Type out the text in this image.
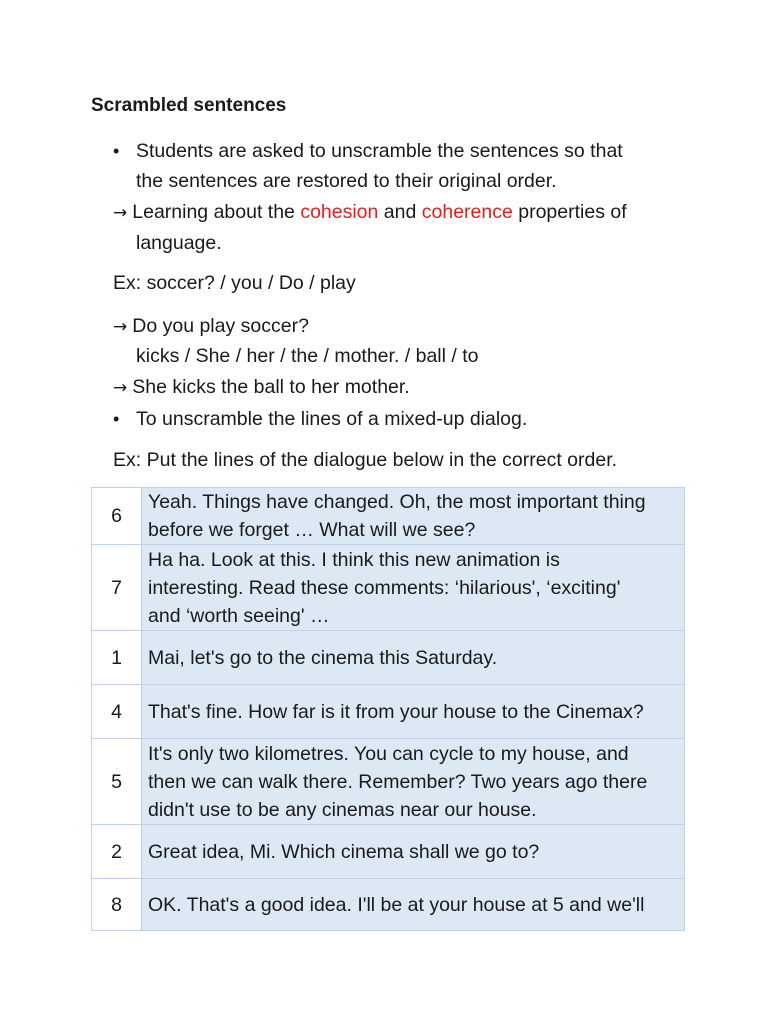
Scrambled sentences
• Students are asked to unscramble the sentences so that
the sentences are restored to their original order.
→ Learning about the cohesion and coherence properties of
language.
Ex: soccer? / you / Do / play
→ Do you play soccer?
kicks / She / her / the / mother. / ball / to
→ She kicks the ball to her mother.
• To unscramble the lines of a mixed-up dialog.
Ex: Put the lines of the dialogue below in the correct order.
6	Yeah. Things have changed. Oh, the most important thing
before we forget … What will we see?

7	Ha ha. Look at this. I think this new animation is
interesting. Read these comments: ‘hilarious', ‘exciting'
and ‘worth seeing' …

1	Mai, let's go to the cinema this Saturday.

4	That's fine. How far is it from your house to the Cinemax?

5	It's only two kilometres. You can cycle to my house, and
then we can walk there. Remember? Two years ago there
didn't use to be any cinemas near our house.

2	Great idea, Mi. Which cinema shall we go to?

8	OK. That's a good idea. I'll be at your house at 5 and we'll
